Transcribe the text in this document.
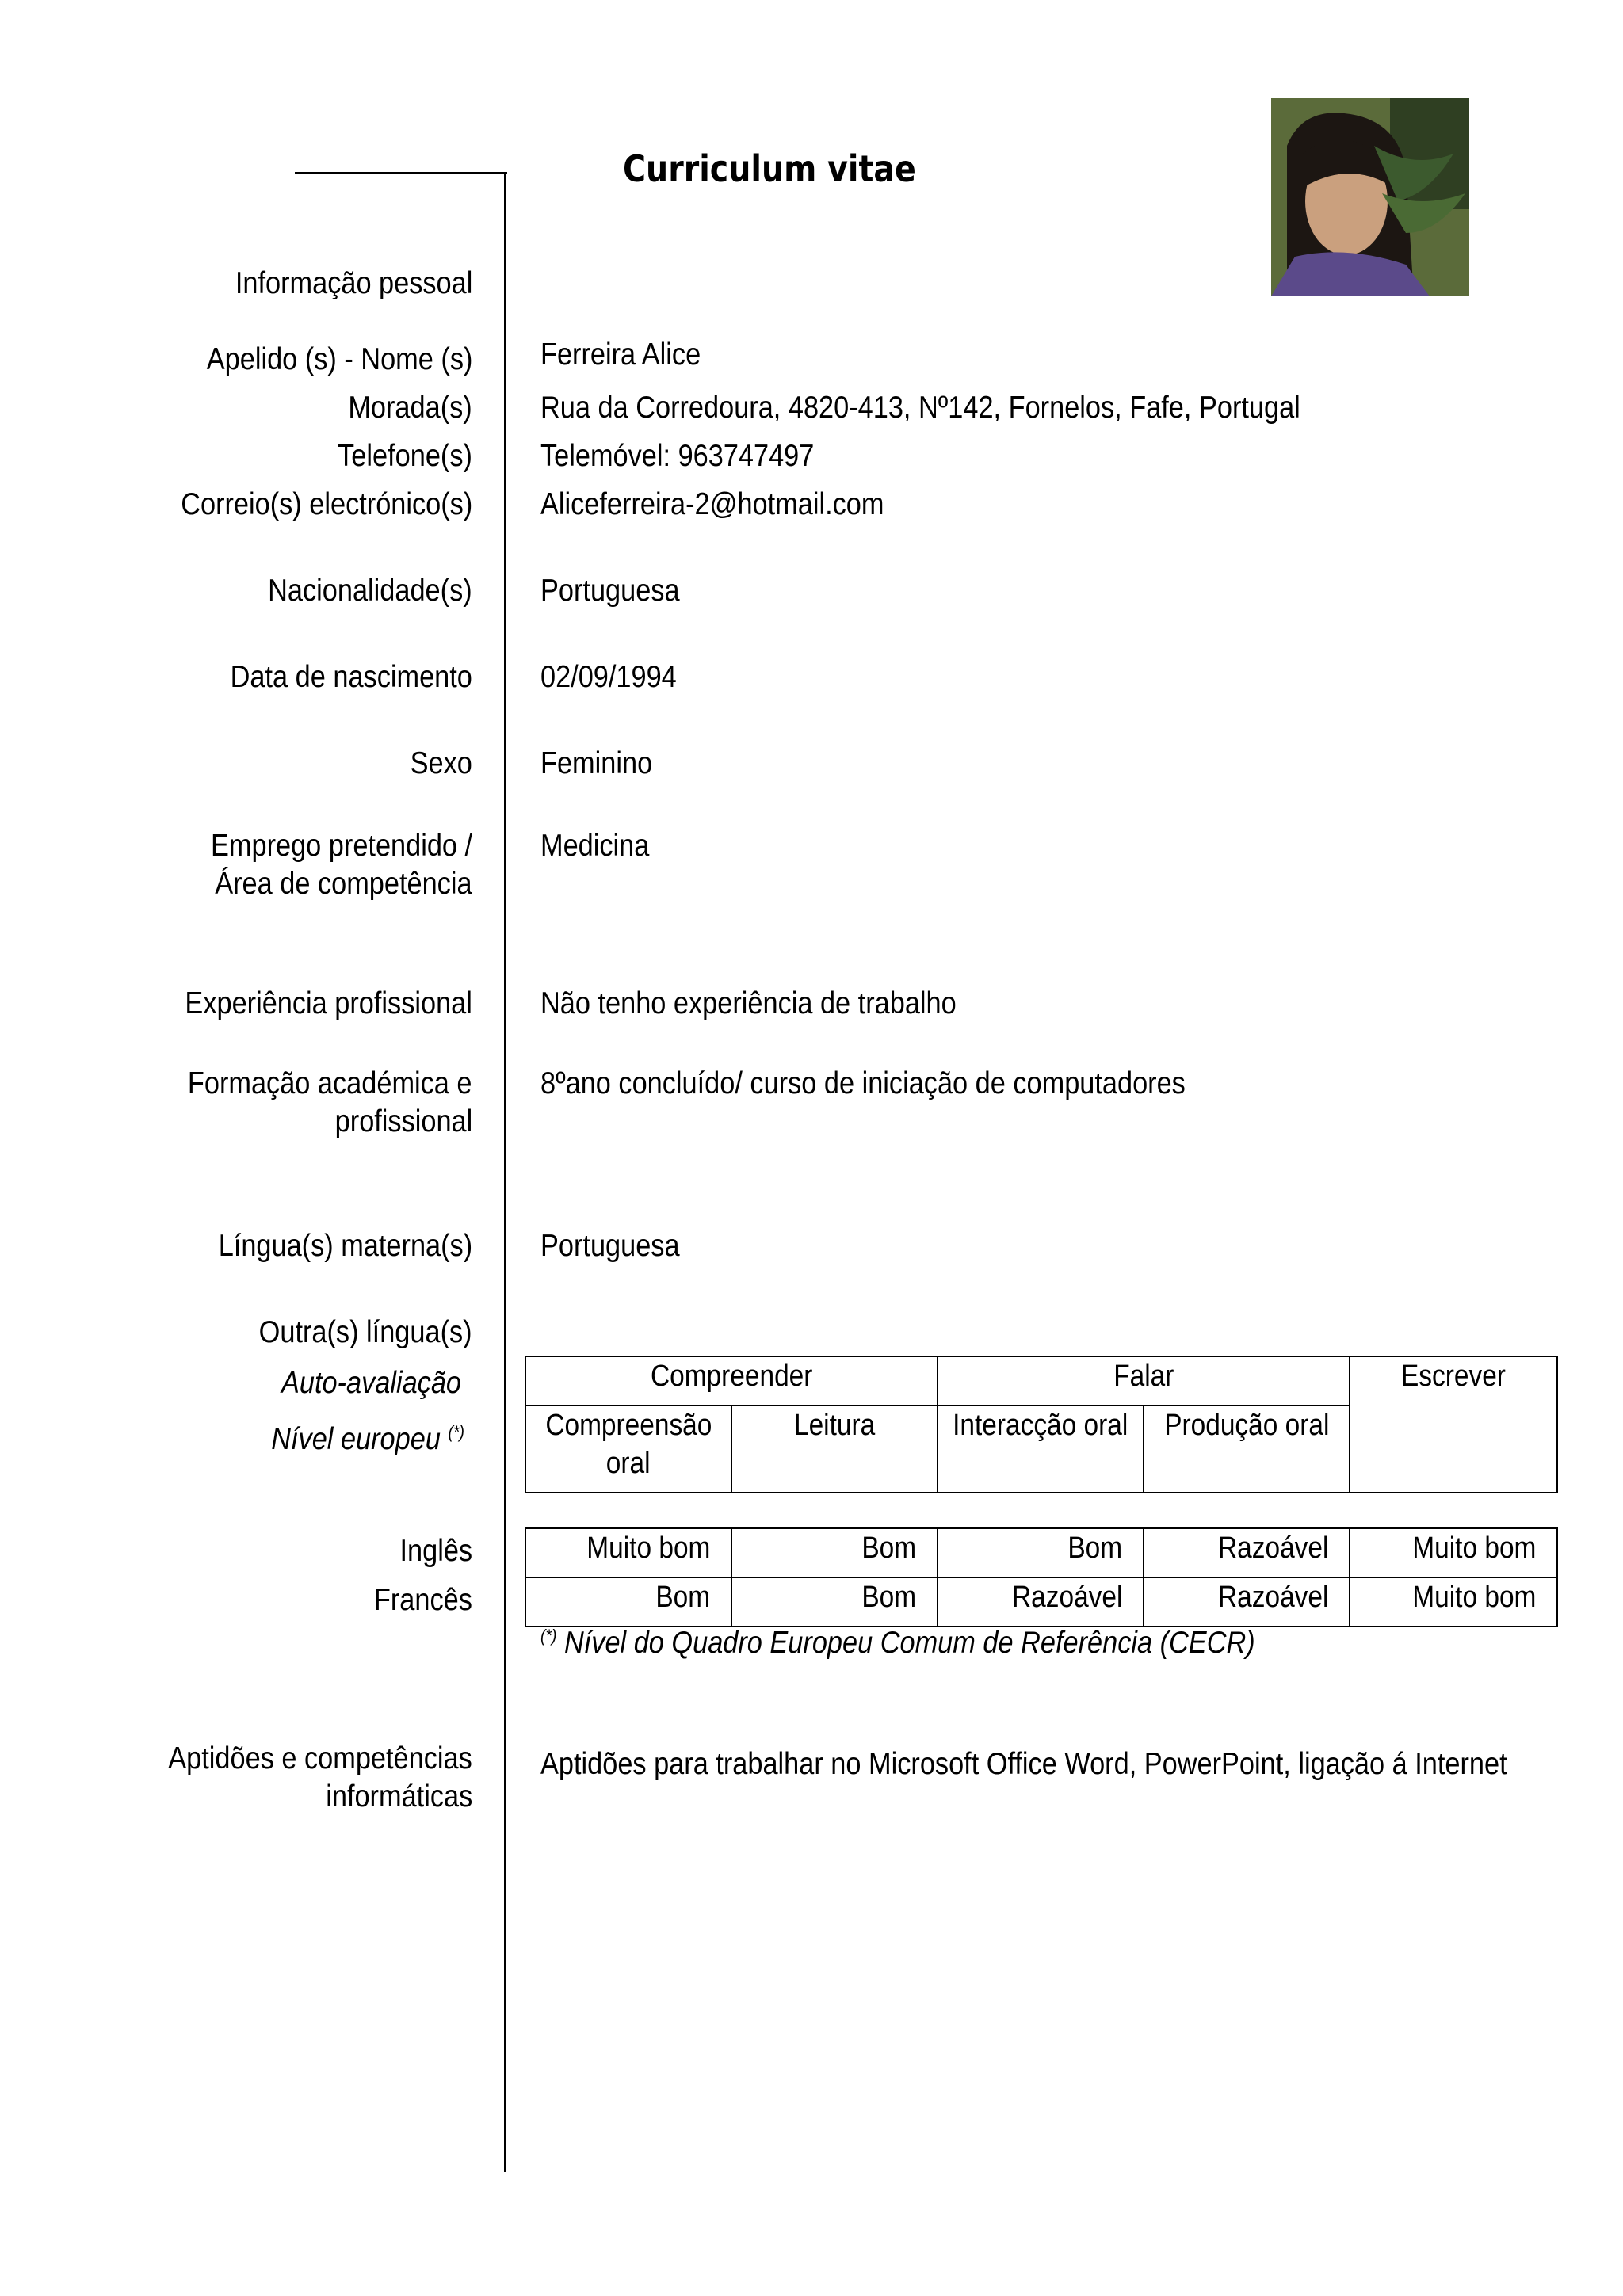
Curriculum vitae
Informação pessoal
Apelido (s) - Nome (s) Ferreira Alice
Morada(s) Rua da Corredoura, 4820-413, Nº142, Fornelos, Fafe, Portugal
Telefone(s) Telemóvel: 963747497
Correio(s) electrónico(s) Aliceferreira-2@hotmail.com
Nacionalidade(s) Portuguesa
Data de nascimento 02/09/1994
Sexo Feminino
Emprego pretendido /
Área de competência
Medicina
Experiência profissional Não tenho experiência de trabalho
Formação académica e
profissional
8ºano concluído/ curso de iniciação de computadores
Língua(s) materna(s) Portuguesa
Outra(s) língua(s)
Auto-avaliação
Nível europeu (*)
Compreender		Falar		Escrever
Compreensão
oral	Leitura	Interacção oral	Produção oral	
Inglês
Francês
Muito bom	Bom	Bom	Razoável	Muito bom
Bom	Bom	Razoável	Razoável	Muito bom
(*) Nível do Quadro Europeu Comum de Referência (CECR)
Aptidões e competências
informáticas
Aptidões para trabalhar no Microsoft Office Word, PowerPoint, ligação á Internet
